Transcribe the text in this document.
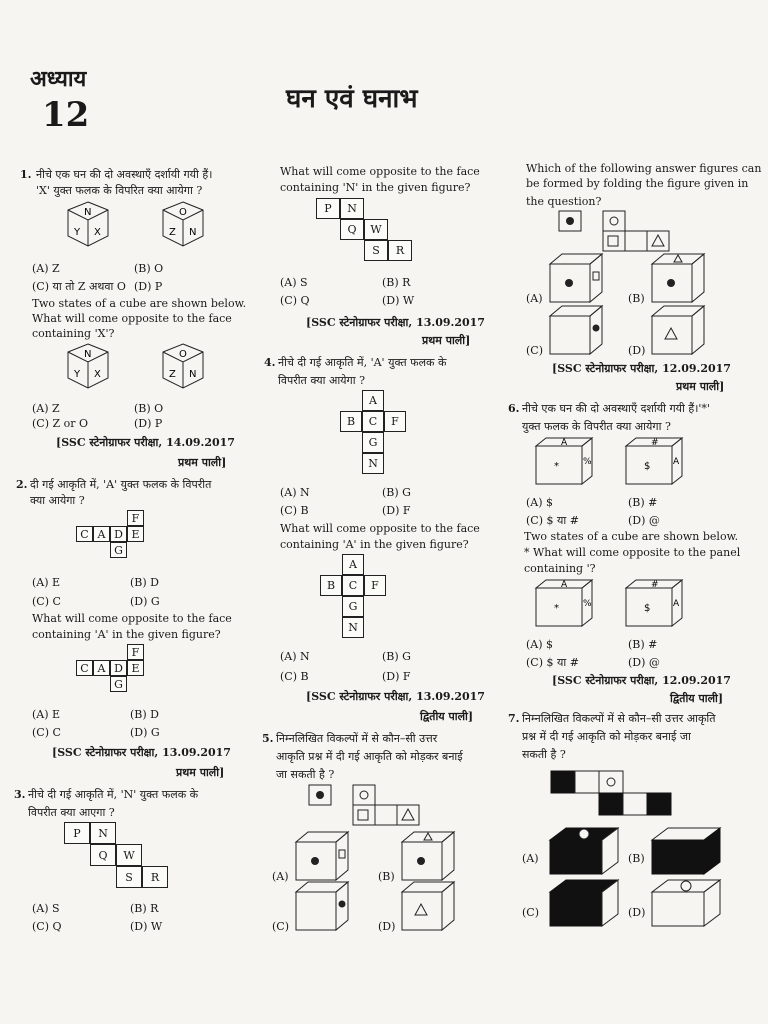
अध्याय
12	घन एवं घनाभ
1. नीचे एक घन की दो अवस्थाएँ दर्शायी गयी हैं।
'X' युक्त फलक के विपरित क्या आयेगा ?
N
Y X
O
Z N
(A) Z	(B) O
(C) या तो Z अथवा O (D) P
Two states of a cube are shown below.
What will come opposite to the face
containing 'X'?
N
Y X
O
Z N
(A) Z	(B) O
(C) Z or O	(D) P
[SSC स्टेनोग्राफर परीक्षा, 14.09.2017
प्रथम पाली]
2. दी गई आकृति में, 'A' युक्त फलक के विपरीत
क्या आयेगा ?
F
C A D E
G
(A) E	(B) D
(C) C	(D) G
What will come opposite to the face
containing 'A' in the given figure?
F
C A D E
G
(A) E	(B) D
(C) C	(D) G
[SSC स्टेनोग्राफर परीक्षा, 13.09.2017
प्रथम पाली]
3. नीचे दी गई आकृति में, 'N' युक्त फलक के
विपरीत क्या आएगा ?
P	N
Q	W
S	R
(A) S	(B) R
(C) Q	(D) W
What will come opposite to the face
containing 'N' in the given figure?
P	N
Q	W
S	R
(A) S	(B) R
(C) Q	(D) W
[SSC स्टेनोग्राफर परीक्षा, 13.09.2017
प्रथम पाली]
4. नीचे दी गई आकृति में, 'A' युक्त फलक के
विपरीत क्या आयेगा ?
A
B	C	F
G
N
(A) N	(B) G
(C) B	(D) F
What will come opposite to the face
containing 'A' in the given figure?
A
B	C	F
G
N
(A) N	(B) G
(C) B	(D) F
[SSC स्टेनोग्राफर परीक्षा, 13.09.2017
द्वितीय पाली]
5. निम्नलिखित विकल्पों में से कौन–सी उत्तर
आकृति प्रश्न में दी गई आकृति को मोड़कर बनाई
जा सकती है ?
(A)	(B)
(C)	(D)
Which of the following answer figures can
be formed by folding the figure given in
the question?
(A)	(B)
(C)	(D)
[SSC स्टेनोग्राफर परीक्षा, 12.09.2017
प्रथम पाली]
6. नीचे एक घन की दो अवस्थाएँ दर्शायी गयी हैं।'*'
युक्त फलक के विपरीत क्या आयेगा ?
A
*	%
#
$	A
(A) $	(B) #
(C) $ या #	(D) @
Two states of a cube are shown below.
* What will come opposite to the panel
containing '?
A
*	%
#
$	A
(A) $	(B) #
(C) $ या #	(D) @
[SSC स्टेनोग्राफर परीक्षा, 12.09.2017
द्वितीय पाली]
7. निम्नलिखित विकल्पों में से कौन–सी उत्तर आकृति
प्रश्न में दी गई आकृति को मोड़कर बनाई जा
सकती है ?
(A)	(B)
(C)	(D)
